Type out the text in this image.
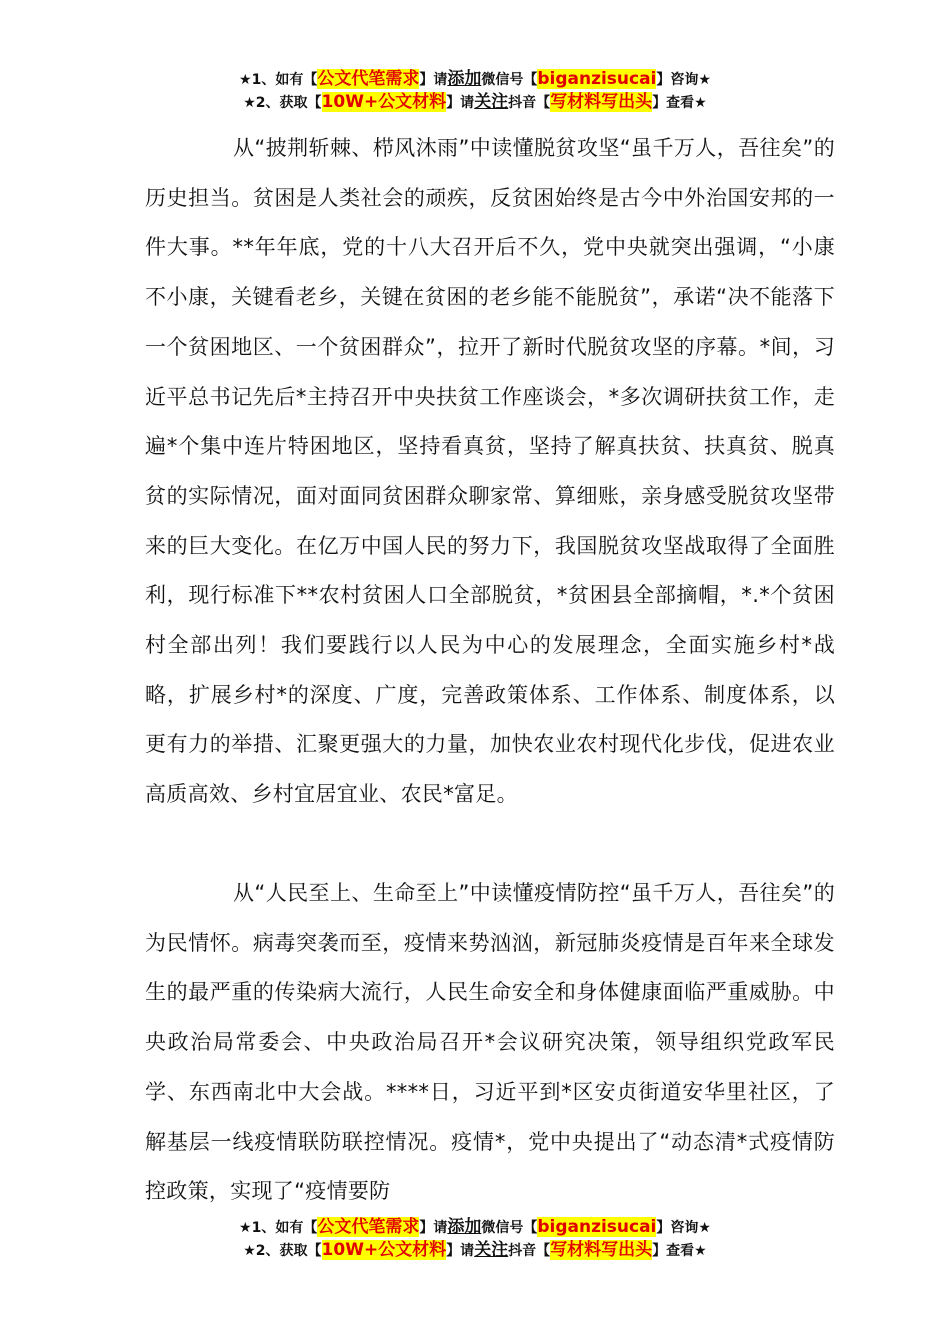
★1、如有【公文代笔需求】请添加微信号【biganzisucai】咨询★
★2、获取【10W+公文材料】请关注抖音【写材料写出头】查看★

从“披荆斩棘、栉风沐雨”中读懂脱贫攻坚“虽千万人，吾往矣”的历史担当。贫困是人类社会的顽疾，反贫困始终是古今中外治国安邦的一件大事。**年年底，党的十八大召开后不久，党中央就突出强调，“小康不小康，关键看老乡，关键在贫困的老乡能不能脱贫”，承诺“决不能落下一个贫困地区、一个贫困群众”，拉开了新时代脱贫攻坚的序幕。*间，习近平总书记先后*主持召开中央扶贫工作座谈会，*多次调研扶贫工作，走遍*个集中连片特困地区，坚持看真贫，坚持了解真扶贫、扶真贫、脱真贫的实际情况，面对面同贫困群众聊家常、算细账，亲身感受脱贫攻坚带来的巨大变化。在亿万中国人民的努力下，我国脱贫攻坚战取得了全面胜利，现行标准下**农村贫困人口全部脱贫，*贫困县全部摘帽，*.*个贫困村全部出列！我们要践行以人民为中心的发展理念，全面实施乡村*战略，扩展乡村*的深度、广度，完善政策体系、工作体系、制度体系，以更有力的举措、汇聚更强大的力量，加快农业农村现代化步伐，促进农业高质高效、乡村宜居宜业、农民*富足。

从“人民至上、生命至上”中读懂疫情防控“虽千万人，吾往矣”的为民情怀。病毒突袭而至，疫情来势汹汹，新冠肺炎疫情是百年来全球发生的最严重的传染病大流行，人民生命安全和身体健康面临严重威胁。中央政治局常委会、中央政治局召开*会议研究决策，领导组织党政军民学、东西南北中大会战。****日，习近平到*区安贞街道安华里社区，了解基层一线疫情联防联控情况。疫情*，党中央提出了“动态清*式疫情防控政策，实现了“疫情要防

★1、如有【公文代笔需求】请添加微信号【biganzisucai】咨询★
★2、获取【10W+公文材料】请关注抖音【写材料写出头】查看★
